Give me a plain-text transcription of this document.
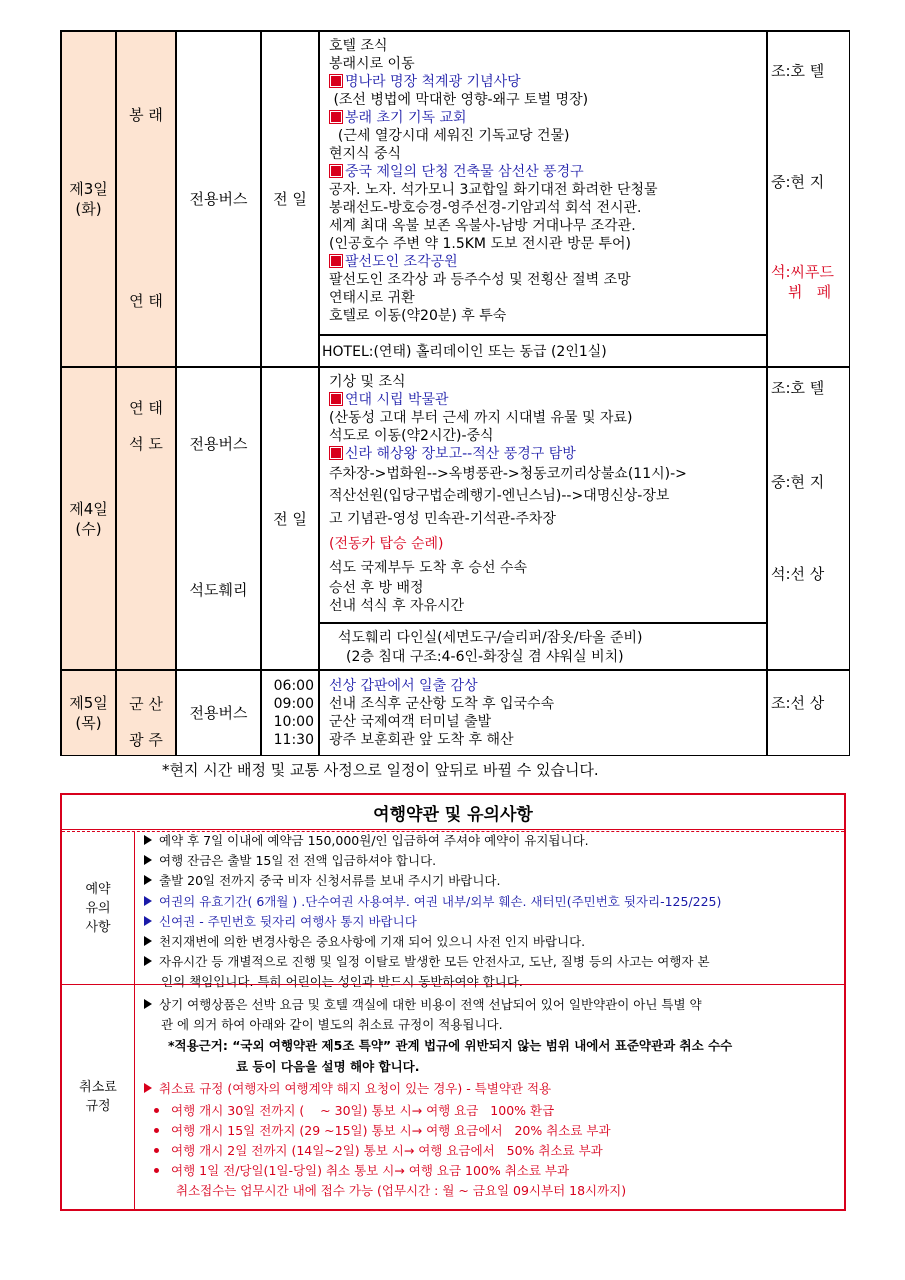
제3일
(화)
봉 래
연 태
전용버스	전 일
호텔 조식
봉래시로 이동
명나라 명장 척계광 기념사당
(조선 병법에 막대한 영향-왜구 토벌 명장)
봉래 초기 기독 교회
(근세 열강시대 세워진 기독교당 건물)
현지식 중식
중국 제일의 단청 건축물 삼선산 풍경구
공자. 노자. 석가모니 3교합일 화기대전 화려한 단청물
봉래선도-방호승경-영주선경-기암괴석 회석 전시관.
세계 최대 옥불 보존 옥불사-남방 거대나무 조각관.
(인공호수 주변 약 1.5KM 도보 전시관 방문 투어)
팔선도인 조각공원
팔선도인 조각상 과 등주수성 및 전횡산 절벽 조망
연태시로 귀환
호텔로 이동(약20분) 후 투숙
HOTEL:(연태) 홀리데이인 또는 동급 (2인1실)
조:호 텔
중:현 지
석:씨푸드
뷔   페
제4일
(수)
연 태
석 도	전용버스
석도훼리
전 일
기상 및 조식
연대 시립 박물관
(산동성 고대 부터 근세 까지 시대별 유물 및 자료)
석도로 이동(약2시간)-중식
신라 해상왕 장보고--적산 풍경구 탐방
주차장->법화원-->옥병풍관->청동코끼리상불쇼(11시)->
적산선원(입당구법순례행기-엔닌스님)-->대명신상-장보
고 기념관-영성 민속관-기석관-주차장
(전동카 탑승 순례)
석도 국제부두 도착 후 승선 수속
승선 후 방 배정
선내 석식 후 자유시간
석도훼리 다인실(세면도구/슬리퍼/잠옷/타올 준비)
(2층 침대 구조:4-6인-화장실 겸 샤워실 비치)
조:호 텔
중:현 지
석:선 상
제5일
(목)
군 산
광 주
전용버스
06:00
09:00
10:00
11:30
선상 갑판에서 일출 감상
선내 조식후 군산항 도착 후 입국수속
군산 국제여객 터미널 출발
광주 보훈회관 앞 도착 후 해산
조:선 상
*현지 시간 배정 및 교통 사정으로 일정이 앞뒤로 바뀔 수 있습니다.
여행약관 및 유의사항
예약
유의
사항
예약 후 7일 이내에 예약금 150,000원/인 입금하여 주셔야 예약이 유지됩니다.
여행 잔금은 출발 15일 전 전액 입금하셔야 합니다.
출발 20일 전까지 중국 비자 신청서류를 보내 주시기 바랍니다.
여권의 유효기간( 6개월 ) .단수여권 사용여부. 여권 내부/외부 훼손. 새터민(주민번호 뒷자리-125/225)
신여권 - 주민번호 뒷자리 여행사 통지 바랍니다
천지재변에 의한 변경사항은 중요사항에 기재 되어 있으니 사전 인지 바랍니다.
자유시간 등 개별적으로 진행 및 일정 이탈로 발생한 모든 안전사고, 도난, 질병 등의 사고는 여행자 본
인의 책임입니다. 특히 어린이는 성인과 반드시 동반하여야 합니다.
취소료
규정
상기 여행상품은 선박 요금 및 호텔 객실에 대한 비용이 전액 선납되어 있어 일반약관이 아닌 특별 약
관 에 의거 하여 아래와 같이 별도의 취소료 규정이 적용됩니다.
*적용근거: “국외 여행약관 제5조 특약” 관계 법규에 위반되지 않는 범위 내에서 표준약관과 취소 수수
료 등이 다음을 설명 해야 합니다.
취소료 규정 (여행자의 여행계약 해지 요청이 있는 경우) - 특별약관 적용
여행 개시 30일 전까지 (    ~ 30일) 통보 시→ 여행 요금   100% 환급
여행 개시 15일 전까지 (29 ~15일) 통보 시→ 여행 요금에서   20% 취소료 부과
여행 개시 2일 전까지 (14일~2일) 통보 시→ 여행 요금에서   50% 취소료 부과
여행 1일 전/당일(1일-당일) 취소 통보 시→ 여행 요금 100% 취소료 부과
취소접수는 업무시간 내에 접수 가능 (업무시간 : 월 ~ 금요일 09시부터 18시까지)
